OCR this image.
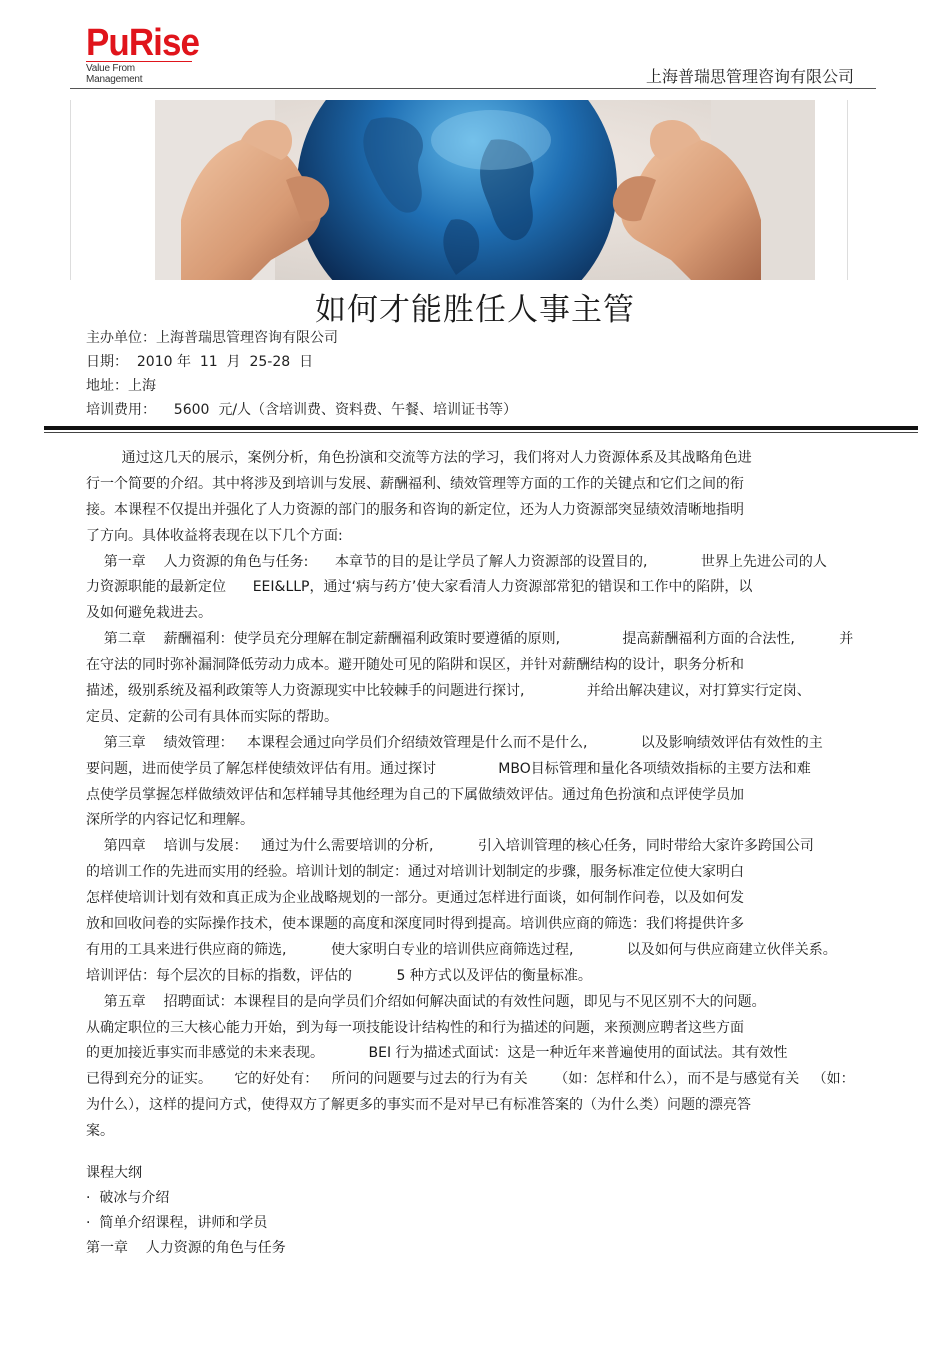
PuRise
Value From Management	上海普瑞思管理咨询有限公司
如何才能胜任人事主管
主办单位：上海普瑞思管理咨询有限公司
日期：  2010 年  11  月  25-28  日
地址：上海
培训费用：    5600  元/人（含培训费、资料费、午餐、培训证书等）
通过这几天的展示，案例分析，角色扮演和交流等方法的学习，我们将对人力资源体系及其战略角色进
行一个简要的介绍。其中将涉及到培训与发展、薪酬福利、绩效管理等方面的工作的关键点和它们之间的衔
接。本课程不仅提出并强化了人力资源的部门的服务和咨询的新定位，还为人力资源部突显绩效清晰地指明
了方向。具体收益将表现在以下几个方面:
第一章    人力资源的角色与任务:      本章节的目的是让学员了解人力资源部的设置目的,            世界上先进公司的人
力资源职能的最新定位      EEI&LLP，通过‘病与药方’使大家看清人力资源部常犯的错误和工作中的陷阱，以
及如何避免栽进去。
第二章    薪酬福利：使学员充分理解在制定薪酬福利政策时要遵循的原则,              提高薪酬福利方面的合法性,          并
在守法的同时弥补漏洞降低劳动力成本。避开随处可见的陷阱和误区，并针对薪酬结构的设计，职务分析和
描述，级别系统及福利政策等人力资源现实中比较棘手的问题进行探讨,              并给出解决建议，对打算实行定岗、
定员、定薪的公司有具体而实际的帮助。
第三章    绩效管理：   本课程会通过向学员们介绍绩效管理是什么而不是什么,            以及影响绩效评估有效性的主
要问题，进而使学员了解怎样使绩效评估有用。通过探讨              MBO目标管理和量化各项绩效指标的主要方法和难
点使学员掌握怎样做绩效评估和怎样辅导其他经理为自己的下属做绩效评估。通过角色扮演和点评使学员加
深所学的内容记忆和理解。
第四章    培训与发展：   通过为什么需要培训的分析,          引入培训管理的核心任务，同时带给大家许多跨国公司
的培训工作的先进而实用的经验。培训计划的制定：通过对培训计划制定的步骤，服务标准定位使大家明白
怎样使培训计划有效和真正成为企业战略规划的一部分。更通过怎样进行面谈，如何制作问卷，以及如何发
放和回收问卷的实际操作技术，使本课题的高度和深度同时得到提高。培训供应商的筛选：我们将提供许多
有用的工具来进行供应商的筛选,          使大家明白专业的培训供应商筛选过程,            以及如何与供应商建立伙伴关系。
培训评估：每个层次的目标的指数，评估的          5 种方式以及评估的衡量标准。
第五章    招聘面试：本课程目的是向学员们介绍如何解决面试的有效性问题，即见与不见区别不大的问题。
从确定职位的三大核心能力开始，到为每一项技能设计结构性的和行为描述的问题，来预测应聘者这些方面
的更加接近事实而非感觉的未来表现。          BEI 行为描述式面试：这是一种近年来普遍使用的面试法。其有效性
已得到充分的证实。     它的好处有：   所问的问题要与过去的行为有关      （如：怎样和什么），而不是与感觉有关   （如：
为什么），这样的提问方式，使得双方了解更多的事实而不是对早已有标准答案的（为什么类）问题的漂亮答
案。
课程大纲
·  破冰与介绍
·  简单介绍课程，讲师和学员
第一章    人力资源的角色与任务
